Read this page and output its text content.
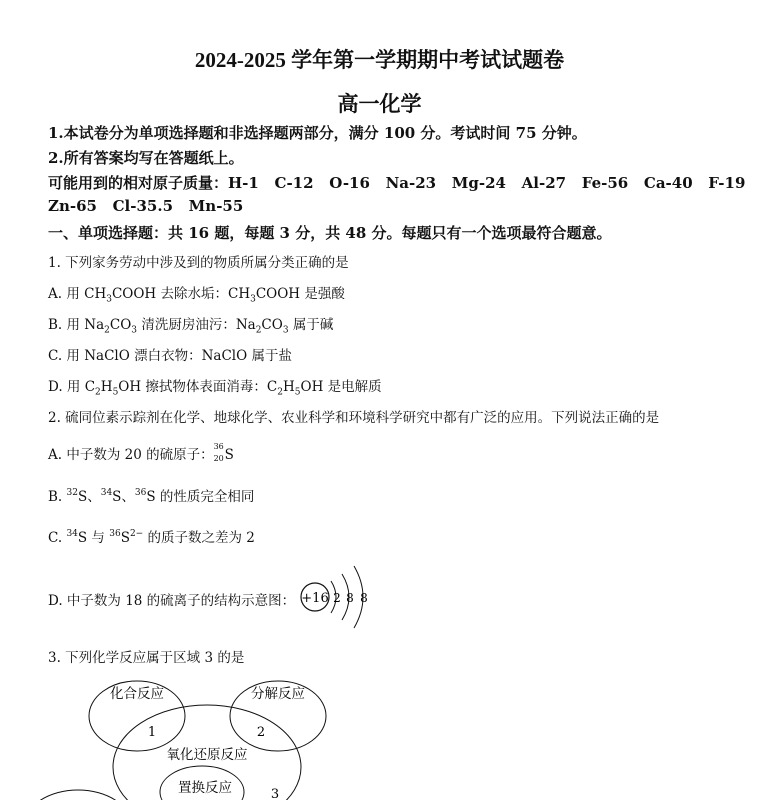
2024-2025 学年第一学期期中考试试题卷
高一化学
1.本试卷分为单项选择题和非选择题两部分，满分 100 分。考试时间 75 分钟。
2.所有答案均写在答题纸上。
可能用到的相对原子质量：H-1   C-12   O-16   Na-23   Mg-24   Al-27   Fe-56   Ca-40   F-19
Zn-65   Cl-35.5   Mn-55
一、单项选择题：共 16 题，每题 3 分，共 48 分。每题只有一个选项最符合题意。
1. 下列家务劳动中涉及到的物质所属分类正确的是
A. 用 $CH_3COOH$ 去除水垢：$CH_3COOH$ 是强酸
B. 用 $Na_2CO_3$ 清洗厨房油污：$Na_2CO_3$ 属于碱
C. 用 NaClO 漂白衣物：NaClO 属于盐
D. 用 $C_2H_5OH$ 擦拭物体表面消毒：$C_2H_5OH$ 是电解质
2. 硫同位素示踪剂在化学、地球化学、农业科学和环境科学研究中都有广泛的应用。下列说法正确的是
A. 中子数为 20 的硫原子：
36
20 S
B. $^{32}$S、$^{34}$S、$^{36}$S 的性质完全相同
C. $^{34}$S 与 $^{36}S^{2-}$ 的质子数之差为 2
D. 中子数为 18 的硫离子的结构示意图： +16 2 8 8
3. 下列化学反应属于区域 3 的是
化合反应	分解反应
氧化还原反应
置换反应
1	2
3
